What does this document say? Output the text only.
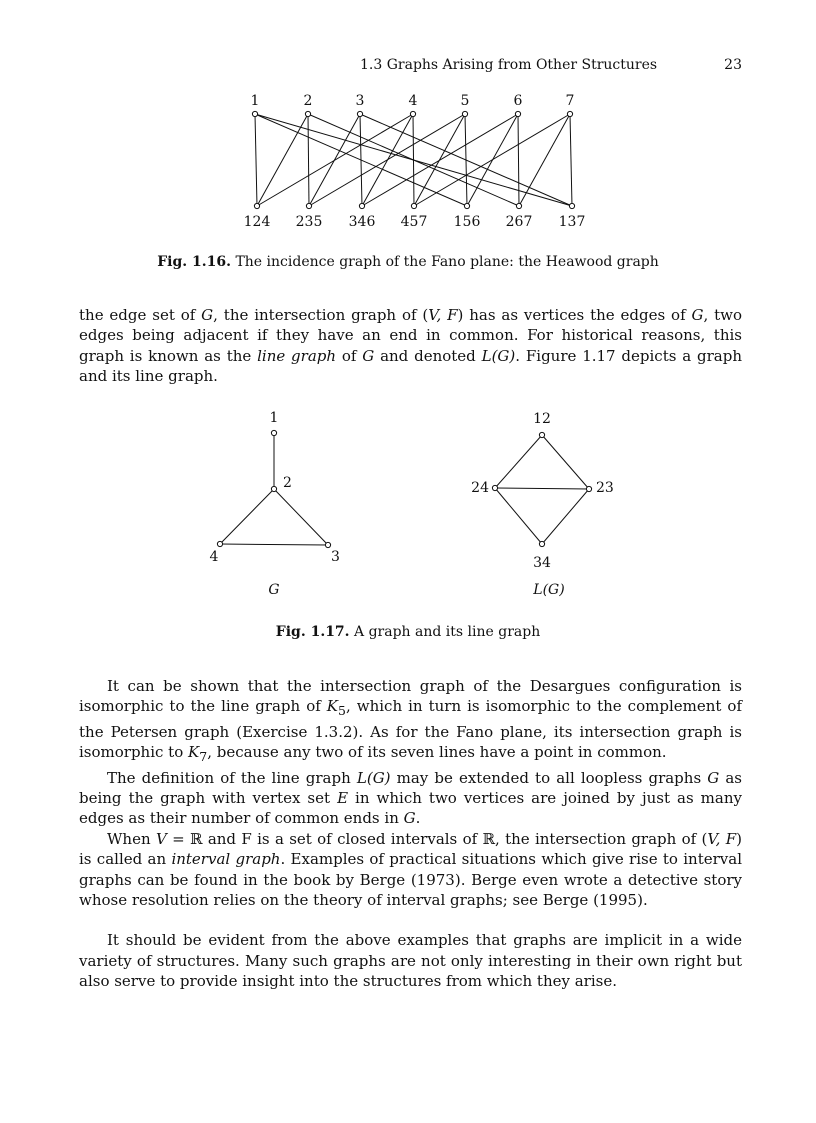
1.3 Graphs Arising from Other Structures	23
1	2	3	4	5	6	7
124 235 346 457 156 267 137
Fig. 1.16. The incidence graph of the Fano plane: the Heawood graph

the edge set of G, the intersection graph of (V, F) has as vertices the edges of G, two edges being adjacent if they have an end in common. For historical reasons, this graph is known as the line graph of G and denoted L(G). Figure 1.17 depicts a graph and its line graph.

1
2
3
4
12
23
24
34
G	L(G)
Fig. 1.17. A graph and its line graph

It can be shown that the intersection graph of the Desargues configuration is isomorphic to the line graph of $K_5$, which in turn is isomorphic to the complement of the Petersen graph (Exercise 1.3.2). As for the Fano plane, its intersection graph is isomorphic to $K_7$, because any two of its seven lines have a point in common.

The definition of the line graph L(G) may be extended to all loopless graphs G as being the graph with vertex set E in which two vertices are joined by just as many edges as their number of common ends in G.

When V = ℝ and F is a set of closed intervals of ℝ, the intersection graph of (V, F) is called an interval graph. Examples of practical situations which give rise to interval graphs can be found in the book by Berge (1973). Berge even wrote a detective story whose resolution relies on the theory of interval graphs; see Berge (1995).

It should be evident from the above examples that graphs are implicit in a wide variety of structures. Many such graphs are not only interesting in their own right but also serve to provide insight into the structures from which they arise.
